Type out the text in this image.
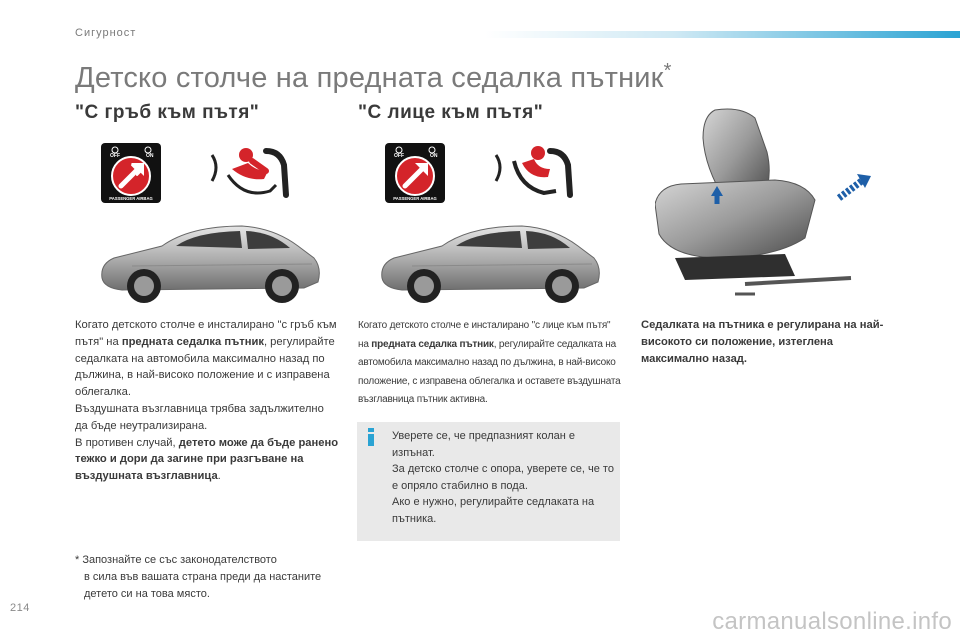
Сигурност
Детско столче на предната седалка пътник*
"С гръб към пътя"	"С лице към пътя"
OFF	ON
PASSENGER AIRBAG
OFF	ON
PASSENGER AIRBAG
Когато детското столче е инсталирано "с гръб към пътя" на предната седалка пътник, регулирайте седалката на автомобила максимално назад по дължина, в най-високо положение и с изправена облегалка.
Въздушната възглавница трябва задължително да бъде неутрализирана.
В противен случай, детето може да бъде ранено тежко и дори да загине при разгъване на въздушната възглавница.
Когато детското столче е инсталирано "с лице към пътя" на предната седалка пътник, регулирайте седалката на автомобила максимално назад по дължина, в най-високо положение, с изправена облегалка и оставете въздушната възглавница пътник активна.
Седалката на пътника е регулирана на най-високото си положение, изтеглена максимално назад.
Уверете се, че предпазният колан е изпънат.
За детско столче с опора, уверете се, че то е опряло стабилно в пода.
Ако е нужно, регулирайте седлаката на пътника.
* Запознайте се със законодателството
в сила във вашата страна преди да настаните детето си на това място.
214	carmanualsonline.info
